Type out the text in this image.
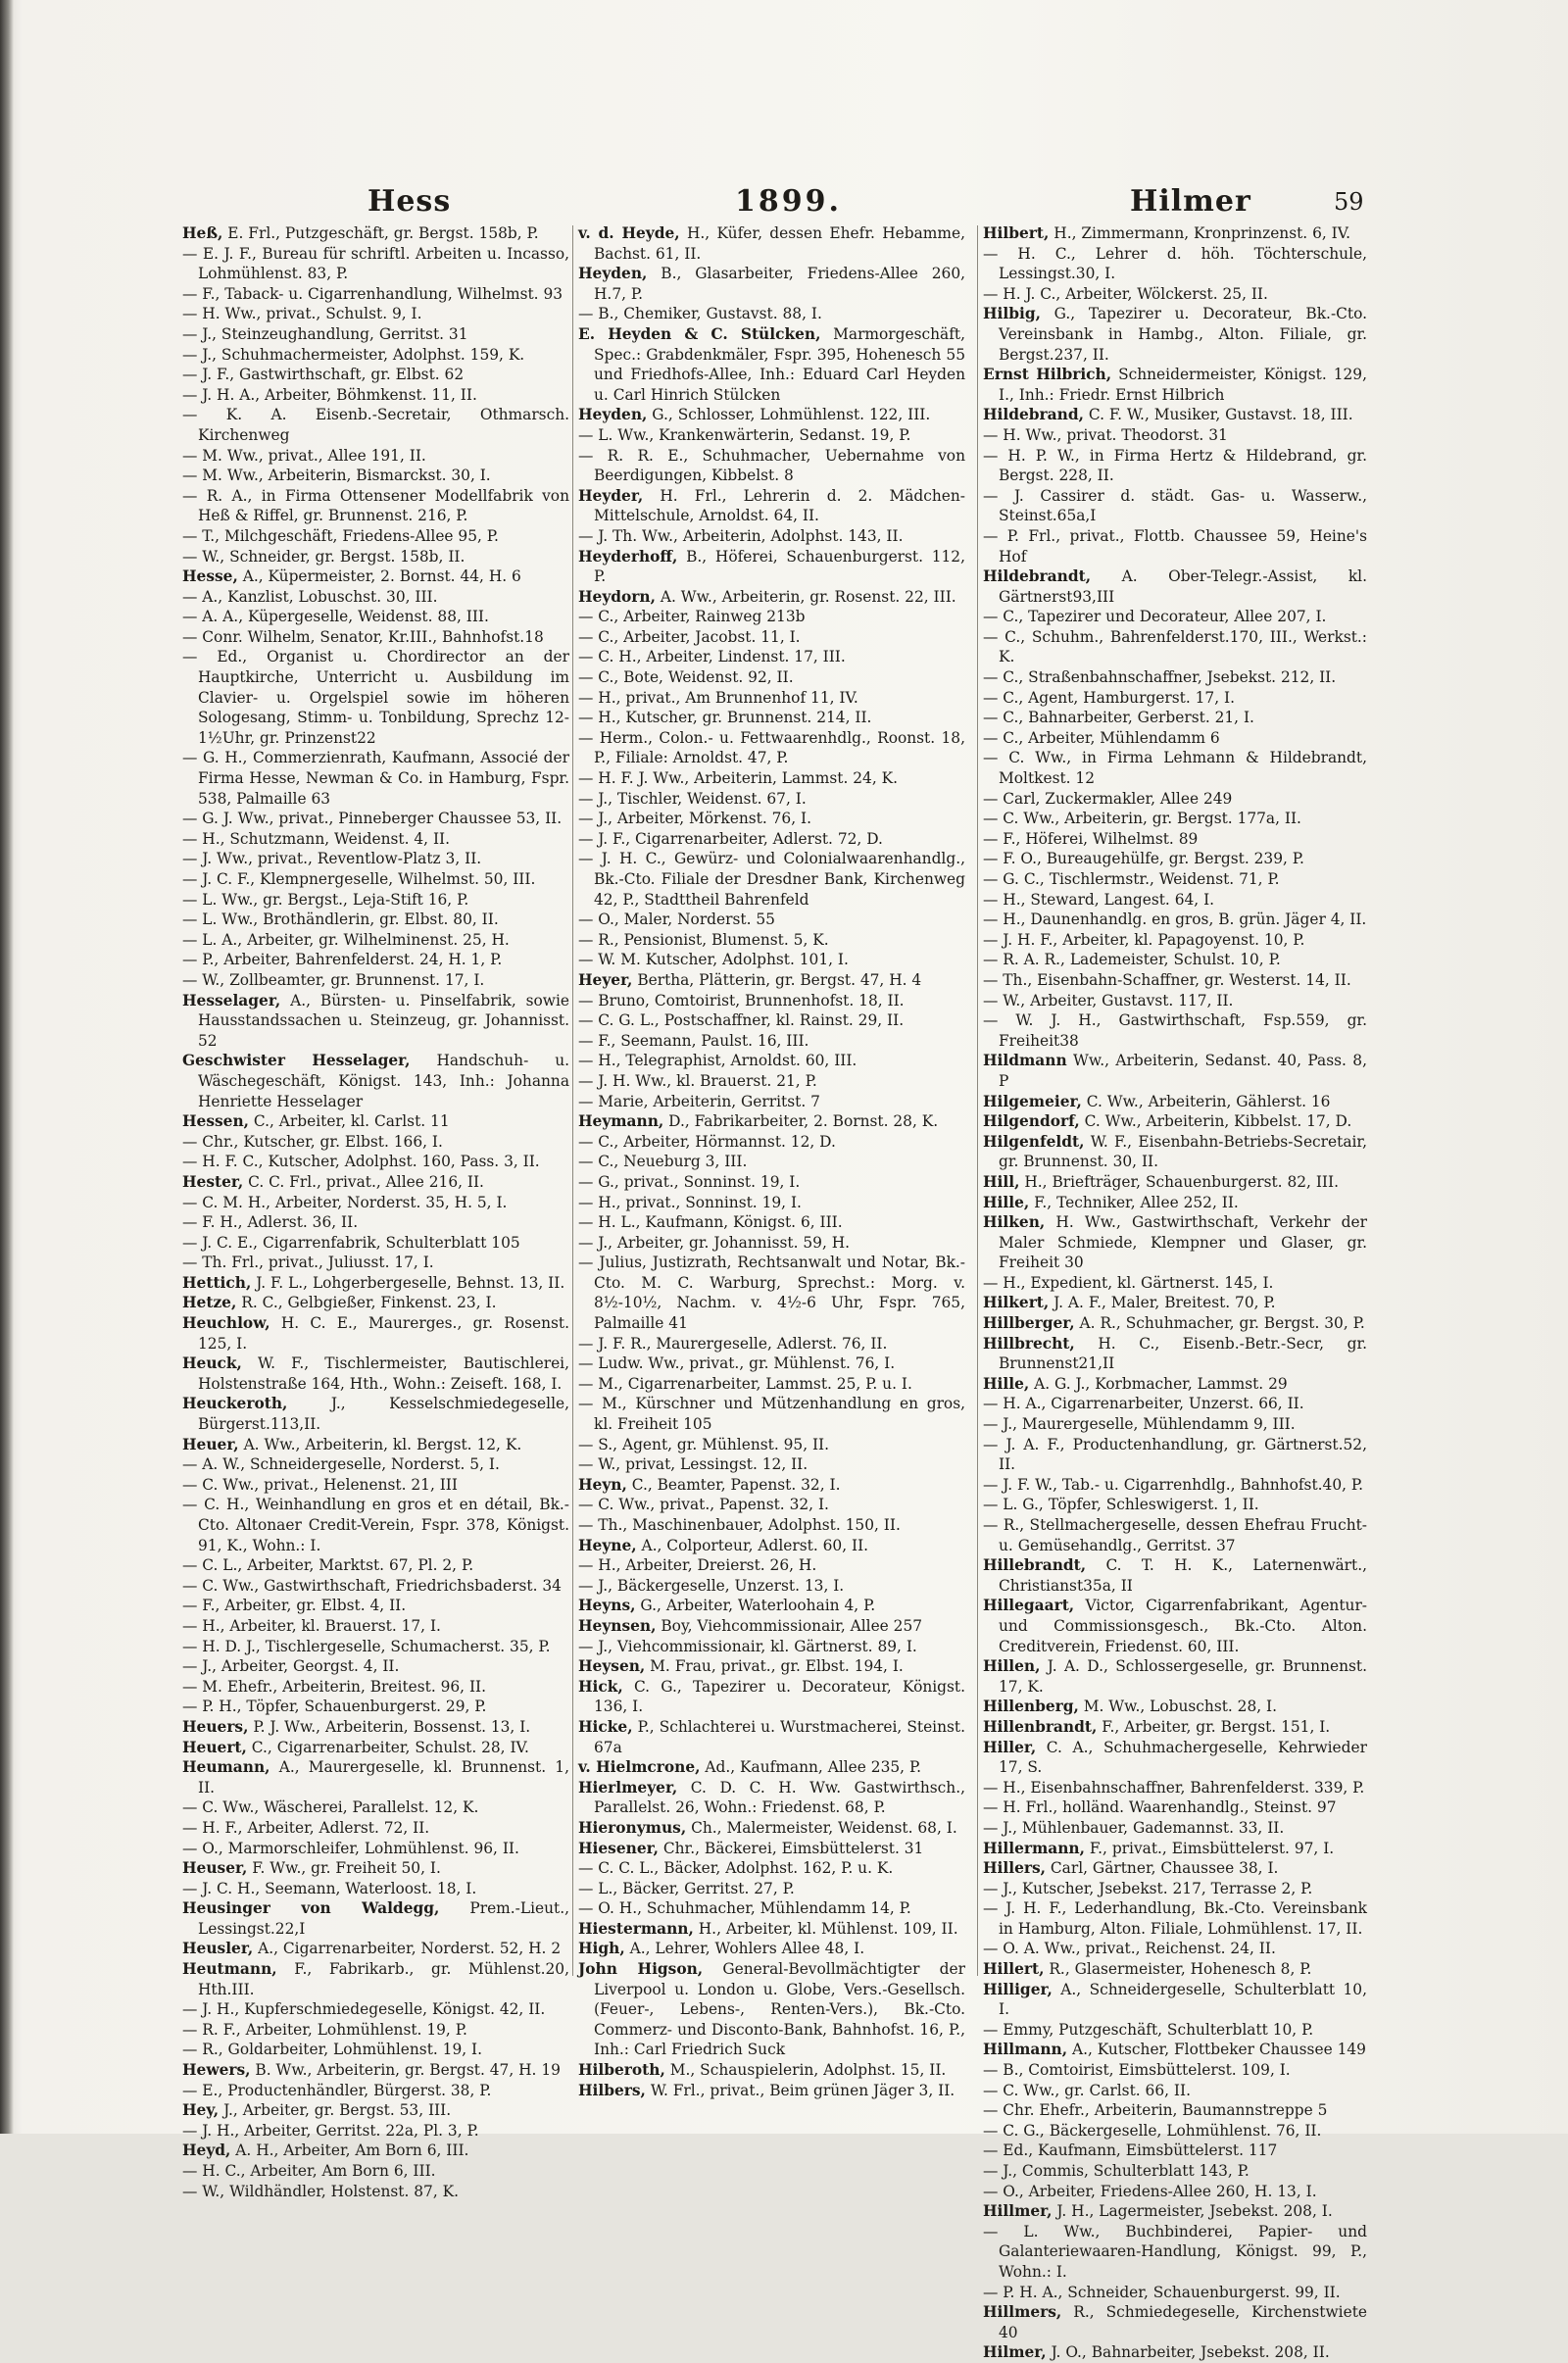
Hess	1899.	Hilmer	59
Heß, E. Frl., Putzgeschäft, gr. Bergst. 158b, P.
— E. J. F., Bureau für schriftl. Arbeiten u. Incasso, Lohmühlenst. 83, P.
— F., Taback- u. Cigarrenhandlung, Wilhelmst. 93
— H. Ww., privat., Schulst. 9, I.
— J., Steinzeughandlung, Gerritst. 31
— J., Schuhmachermeister, Adolphst. 159, K.
— J. F., Gastwirthschaft, gr. Elbst. 62
— J. H. A., Arbeiter, Böhmkenst. 11, II.
— K. A. Eisenb.-Secretair, Othmarsch. Kirchenweg
— M. Ww., privat., Allee 191, II.
— M. Ww., Arbeiterin, Bismarckst. 30, I.
— R. A., in Firma Ottensener Modellfabrik von Heß & Riffel, gr. Brunnenst. 216, P.
— T., Milchgeschäft, Friedens-Allee 95, P.
— W., Schneider, gr. Bergst. 158b, II.
Hesse, A., Küpermeister, 2. Bornst. 44, H. 6
— A., Kanzlist, Lobuschst. 30, III.
— A. A., Küpergeselle, Weidenst. 88, III.
— Conr. Wilhelm, Senator, Kr.III., Bahnhofst.18
— Ed., Organist u. Chordirector an der Hauptkirche, Unterricht u. Ausbildung im Clavier- u. Orgelspiel sowie im höheren Sologesang, Stimm- u. Tonbildung, Sprechz 12-1½Uhr, gr. Prinzenst22
— G. H., Commerzienrath, Kaufmann, Associé der Firma Hesse, Newman & Co. in Hamburg, Fspr. 538, Palmaille 63
— G. J. Ww., privat., Pinneberger Chaussee 53, II.
— H., Schutzmann, Weidenst. 4, II.
— J. Ww., privat., Reventlow-Platz 3, II.
— J. C. F., Klempnergeselle, Wilhelmst. 50, III.
— L. Ww., gr. Bergst., Leja-Stift 16, P.
— L. Ww., Brothändlerin, gr. Elbst. 80, II.
— L. A., Arbeiter, gr. Wilhelminenst. 25, H.
— P., Arbeiter, Bahrenfelderst. 24, H. 1, P.
— W., Zollbeamter, gr. Brunnenst. 17, I.
Hesselager, A., Bürsten- u. Pinselfabrik, sowie Hausstandssachen u. Steinzeug, gr. Johannisst. 52
Geschwister Hesselager, Handschuh- u. Wäschegeschäft, Königst. 143, Inh.: Johanna Henriette Hesselager
Hessen, C., Arbeiter, kl. Carlst. 11
— Chr., Kutscher, gr. Elbst. 166, I.
— H. F. C., Kutscher, Adolphst. 160, Pass. 3, II.
Hester, C. C. Frl., privat., Allee 216, II.
— C. M. H., Arbeiter, Norderst. 35, H. 5, I.
— F. H., Adlerst. 36, II.
— J. C. E., Cigarrenfabrik, Schulterblatt 105
— Th. Frl., privat., Juliusst. 17, I.
Hettich, J. F. L., Lohgerbergeselle, Behnst. 13, II.
Hetze, R. C., Gelbgießer, Finkenst. 23, I.
Heuchlow, H. C. E., Maurerges., gr. Rosenst. 125, I.
Heuck, W. F., Tischlermeister, Bautischlerei, Holstenstraße 164, Hth., Wohn.: Zeiseft. 168, I.
Heuckeroth, J., Kesselschmiedegeselle, Bürgerst.113,II.
Heuer, A. Ww., Arbeiterin, kl. Bergst. 12, K.
— A. W., Schneidergeselle, Norderst. 5, I.
— C. Ww., privat., Helenenst. 21, III
— C. H., Weinhandlung en gros et en détail, Bk.-Cto. Altonaer Credit-Verein, Fspr. 378, Königst. 91, K., Wohn.: I.
— C. L., Arbeiter, Marktst. 67, Pl. 2, P.
— C. Ww., Gastwirthschaft, Friedrichsbaderst. 34
— F., Arbeiter, gr. Elbst. 4, II.
— H., Arbeiter, kl. Brauerst. 17, I.
— H. D. J., Tischlergeselle, Schumacherst. 35, P.
— J., Arbeiter, Georgst. 4, II.
— M. Ehefr., Arbeiterin, Breitest. 96, II.
— P. H., Töpfer, Schauenburgerst. 29, P.
Heuers, P. J. Ww., Arbeiterin, Bossenst. 13, I.
Heuert, C., Cigarrenarbeiter, Schulst. 28, IV.
Heumann, A., Maurergeselle, kl. Brunnenst. 1, II.
— C. Ww., Wäscherei, Parallelst. 12, K.
— H. F., Arbeiter, Adlerst. 72, II.
— O., Marmorschleifer, Lohmühlenst. 96, II.
Heuser, F. Ww., gr. Freiheit 50, I.
— J. C. H., Seemann, Waterloost. 18, I.
Heusinger von Waldegg, Prem.-Lieut., Lessingst.22,I
Heusler, A., Cigarrenarbeiter, Norderst. 52, H. 2
Heutmann, F., Fabrikarb., gr. Mühlenst.20, Hth.III.
— J. H., Kupferschmiedegeselle, Königst. 42, II.
— R. F., Arbeiter, Lohmühlenst. 19, P.
— R., Goldarbeiter, Lohmühlenst. 19, I.
Hewers, B. Ww., Arbeiterin, gr. Bergst. 47, H. 19
— E., Productenhändler, Bürgerst. 38, P.
Hey, J., Arbeiter, gr. Bergst. 53, III.
— J. H., Arbeiter, Gerritst. 22a, Pl. 3, P.
Heyd, A. H., Arbeiter, Am Born 6, III.
— H. C., Arbeiter, Am Born 6, III.
— W., Wildhändler, Holstenst. 87, K.
v. d. Heyde, H., Küfer, dessen Ehefr. Hebamme, Bachst. 61, II.
Heyden, B., Glasarbeiter, Friedens-Allee 260, H.7, P.
— B., Chemiker, Gustavst. 88, I.
E. Heyden & C. Stülcken, Marmorgeschäft, Spec.: Grabdenkmäler, Fspr. 395, Hohenesch 55 und Friedhofs-Allee, Inh.: Eduard Carl Heyden u. Carl Hinrich Stülcken
Heyden, G., Schlosser, Lohmühlenst. 122, III.
— L. Ww., Krankenwärterin, Sedanst. 19, P.
— R. R. E., Schuhmacher, Uebernahme von Beerdigungen, Kibbelst. 8
Heyder, H. Frl., Lehrerin d. 2. Mädchen-Mittelschule, Arnoldst. 64, II.
— J. Th. Ww., Arbeiterin, Adolphst. 143, II.
Heyderhoff, B., Höferei, Schauenburgerst. 112, P.
Heydorn, A. Ww., Arbeiterin, gr. Rosenst. 22, III.
— C., Arbeiter, Rainweg 213b
— C., Arbeiter, Jacobst. 11, I.
— C. H., Arbeiter, Lindenst. 17, III.
— C., Bote, Weidenst. 92, II.
— H., privat., Am Brunnenhof 11, IV.
— H., Kutscher, gr. Brunnenst. 214, II.
— Herm., Colon.- u. Fettwaarenhdlg., Roonst. 18, P., Filiale: Arnoldst. 47, P.
— H. F. J. Ww., Arbeiterin, Lammst. 24, K.
— J., Tischler, Weidenst. 67, I.
— J., Arbeiter, Mörkenst. 76, I.
— J. F., Cigarrenarbeiter, Adlerst. 72, D.
— J. H. C., Gewürz- und Colonialwaarenhandlg., Bk.-Cto. Filiale der Dresdner Bank, Kirchenweg 42, P., Stadttheil Bahrenfeld
— O., Maler, Norderst. 55
— R., Pensionist, Blumenst. 5, K.
— W. M. Kutscher, Adolphst. 101, I.
Heyer, Bertha, Plätterin, gr. Bergst. 47, H. 4
— Bruno, Comtoirist, Brunnenhofst. 18, II.
— C. G. L., Postschaffner, kl. Rainst. 29, II.
— F., Seemann, Paulst. 16, III.
— H., Telegraphist, Arnoldst. 60, III.
— J. H. Ww., kl. Brauerst. 21, P.
— Marie, Arbeiterin, Gerritst. 7
Heymann, D., Fabrikarbeiter, 2. Bornst. 28, K.
— C., Arbeiter, Hörmannst. 12, D.
— C., Neueburg 3, III.
— G., privat., Sonninst. 19, I.
— H., privat., Sonninst. 19, I.
— H. L., Kaufmann, Königst. 6, III.
— J., Arbeiter, gr. Johannisst. 59, H.
— Julius, Justizrath, Rechtsanwalt und Notar, Bk.-Cto. M. C. Warburg, Sprechst.: Morg. v. 8½-10½, Nachm. v. 4½-6 Uhr, Fspr. 765, Palmaille 41
— J. F. R., Maurergeselle, Adlerst. 76, II.
— Ludw. Ww., privat., gr. Mühlenst. 76, I.
— M., Cigarrenarbeiter, Lammst. 25, P. u. I.
— M., Kürschner und Mützenhandlung en gros, kl. Freiheit 105
— S., Agent, gr. Mühlenst. 95, II.
— W., privat, Lessingst. 12, II.
Heyn, C., Beamter, Papenst. 32, I.
— C. Ww., privat., Papenst. 32, I.
— Th., Maschinenbauer, Adolphst. 150, II.
Heyne, A., Colporteur, Adlerst. 60, II.
— H., Arbeiter, Dreierst. 26, H.
— J., Bäckergeselle, Unzerst. 13, I.
Heyns, G., Arbeiter, Waterloohain 4, P.
Heynsen, Boy, Viehcommissionair, Allee 257
— J., Viehcommissionair, kl. Gärtnerst. 89, I.
Heysen, M. Frau, privat., gr. Elbst. 194, I.
Hick, C. G., Tapezirer u. Decorateur, Königst. 136, I.
Hicke, P., Schlachterei u. Wurstmacherei, Steinst. 67a
v. Hielmcrone, Ad., Kaufmann, Allee 235, P.
Hierlmeyer, C. D. C. H. Ww. Gastwirthsch., Parallelst. 26, Wohn.: Friedenst. 68, P.
Hieronymus, Ch., Malermeister, Weidenst. 68, I.
Hiesener, Chr., Bäckerei, Eimsbüttelerst. 31
— C. C. L., Bäcker, Adolphst. 162, P. u. K.
— L., Bäcker, Gerritst. 27, P.
— O. H., Schuhmacher, Mühlendamm 14, P.
Hiestermann, H., Arbeiter, kl. Mühlenst. 109, II.
High, A., Lehrer, Wohlers Allee 48, I.
John Higson, General-Bevollmächtigter der Liverpool u. London u. Globe, Vers.-Gesellsch. (Feuer-, Lebens-, Renten-Vers.), Bk.-Cto. Commerz- und Disconto-Bank, Bahnhofst. 16, P., Inh.: Carl Friedrich Suck
Hilberoth, M., Schauspielerin, Adolphst. 15, II.
Hilbers, W. Frl., privat., Beim grünen Jäger 3, II.
Hilbert, H., Zimmermann, Kronprinzenst. 6, IV.
— H. C., Lehrer d. höh. Töchterschule, Lessingst.30, I.
— H. J. C., Arbeiter, Wölckerst. 25, II.
Hilbig, G., Tapezirer u. Decorateur, Bk.-Cto. Vereinsbank in Hambg., Alton. Filiale, gr. Bergst.237, II.
Ernst Hilbrich, Schneidermeister, Königst. 129, I., Inh.: Friedr. Ernst Hilbrich
Hildebrand, C. F. W., Musiker, Gustavst. 18, III.
— H. Ww., privat. Theodorst. 31
— H. P. W., in Firma Hertz & Hildebrand, gr. Bergst. 228, II.
— J. Cassirer d. städt. Gas- u. Wasserw., Steinst.65a,I
— P. Frl., privat., Flottb. Chaussee 59, Heine's Hof
Hildebrandt, A. Ober-Telegr.-Assist, kl. Gärtnerst93,III
— C., Tapezirer und Decorateur, Allee 207, I.
— C., Schuhm., Bahrenfelderst.170, III., Werkst.: K.
— C., Straßenbahnschaffner, Jsebekst. 212, II.
— C., Agent, Hamburgerst. 17, I.
— C., Bahnarbeiter, Gerberst. 21, I.
— C., Arbeiter, Mühlendamm 6
— C. Ww., in Firma Lehmann & Hildebrandt, Moltkest. 12
— Carl, Zuckermakler, Allee 249
— C. Ww., Arbeiterin, gr. Bergst. 177a, II.
— F., Höferei, Wilhelmst. 89
— F. O., Bureaugehülfe, gr. Bergst. 239, P.
— G. C., Tischlermstr., Weidenst. 71, P.
— H., Steward, Langest. 64, I.
— H., Daunenhandlg. en gros, B. grün. Jäger 4, II.
— J. H. F., Arbeiter, kl. Papagoyenst. 10, P.
— R. A. R., Lademeister, Schulst. 10, P.
— Th., Eisenbahn-Schaffner, gr. Westerst. 14, II.
— W., Arbeiter, Gustavst. 117, II.
— W. J. H., Gastwirthschaft, Fsp.559, gr. Freiheit38
Hildmann Ww., Arbeiterin, Sedanst. 40, Pass. 8, P
Hilgemeier, C. Ww., Arbeiterin, Gählerst. 16
Hilgendorf, C. Ww., Arbeiterin, Kibbelst. 17, D.
Hilgenfeldt, W. F., Eisenbahn-Betriebs-Secretair, gr. Brunnenst. 30, II.
Hill, H., Briefträger, Schauenburgerst. 82, III.
Hille, F., Techniker, Allee 252, II.
Hilken, H. Ww., Gastwirthschaft, Verkehr der Maler Schmiede, Klempner und Glaser, gr. Freiheit 30
— H., Expedient, kl. Gärtnerst. 145, I.
Hilkert, J. A. F., Maler, Breitest. 70, P.
Hillberger, A. R., Schuhmacher, gr. Bergst. 30, P.
Hillbrecht, H. C., Eisenb.-Betr.-Secr, gr. Brunnenst21,II
Hille, A. G. J., Korbmacher, Lammst. 29
— H. A., Cigarrenarbeiter, Unzerst. 66, II.
— J., Maurergeselle, Mühlendamm 9, III.
— J. A. F., Productenhandlung, gr. Gärtnerst.52, II.
— J. F. W., Tab.- u. Cigarrenhdlg., Bahnhofst.40, P.
— L. G., Töpfer, Schleswigerst. 1, II.
— R., Stellmachergeselle, dessen Ehefrau Frucht- u. Gemüsehandlg., Gerritst. 37
Hillebrandt, C. T. H. K., Laternenwärt., Christianst35a, II
Hillegaart, Victor, Cigarrenfabrikant, Agentur- und Commissionsgesch., Bk.-Cto. Alton. Creditverein, Friedenst. 60, III.
Hillen, J. A. D., Schlossergeselle, gr. Brunnenst. 17, K.
Hillenberg, M. Ww., Lobuschst. 28, I.
Hillenbrandt, F., Arbeiter, gr. Bergst. 151, I.
Hiller, C. A., Schuhmachergeselle, Kehrwieder 17, S.
— H., Eisenbahnschaffner, Bahrenfelderst. 339, P.
— H. Frl., holländ. Waarenhandlg., Steinst. 97
— J., Mühlenbauer, Gademannst. 33, II.
Hillermann, F., privat., Eimsbüttelerst. 97, I.
Hillers, Carl, Gärtner, Chaussee 38, I.
— J., Kutscher, Jsebekst. 217, Terrasse 2, P.
— J. H. F., Lederhandlung, Bk.-Cto. Vereinsbank in Hamburg, Alton. Filiale, Lohmühlenst. 17, II.
— O. A. Ww., privat., Reichenst. 24, II.
Hillert, R., Glasermeister, Hohenesch 8, P.
Hilliger, A., Schneidergeselle, Schulterblatt 10, I.
— Emmy, Putzgeschäft, Schulterblatt 10, P.
Hillmann, A., Kutscher, Flottbeker Chaussee 149
— B., Comtoirist, Eimsbüttelerst. 109, I.
— C. Ww., gr. Carlst. 66, II.
— Chr. Ehefr., Arbeiterin, Baumannstreppe 5
— C. G., Bäckergeselle, Lohmühlenst. 76, II.
— Ed., Kaufmann, Eimsbüttelerst. 117
— J., Commis, Schulterblatt 143, P.
— O., Arbeiter, Friedens-Allee 260, H. 13, I.
Hillmer, J. H., Lagermeister, Jsebekst. 208, I.
— L. Ww., Buchbinderei, Papier- und Galanteriewaaren-Handlung, Königst. 99, P., Wohn.: I.
— P. H. A., Schneider, Schauenburgerst. 99, II.
Hillmers, R., Schmiedegeselle, Kirchenstwiete 40
Hilmer, J. O., Bahnarbeiter, Jsebekst. 208, II.
